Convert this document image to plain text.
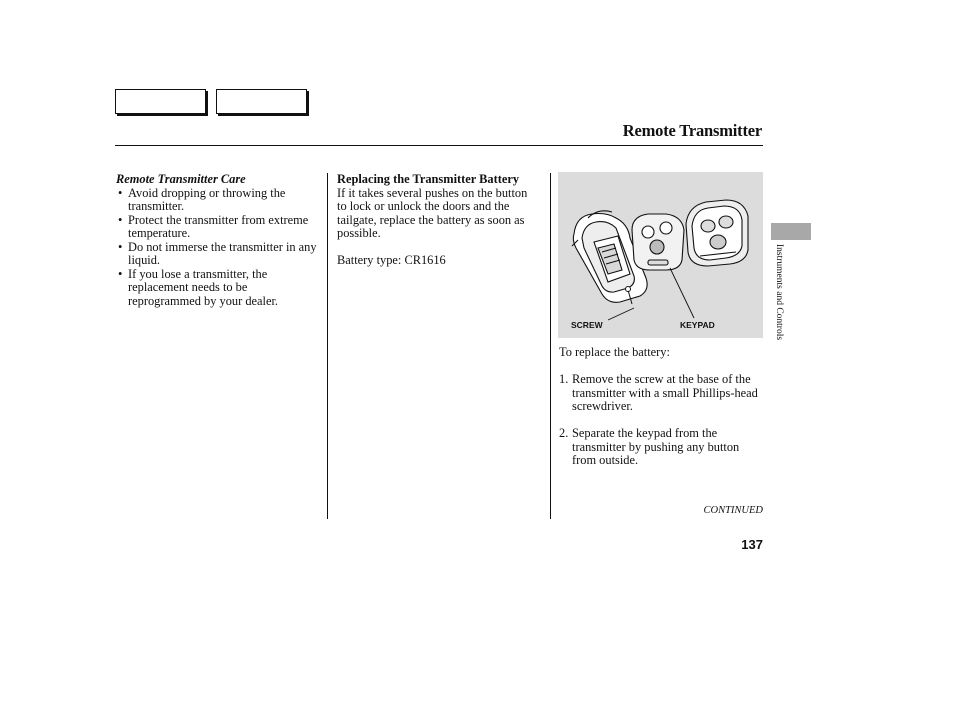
Remote Transmitter

Remote Transmitter Care

• Avoid dropping or throwing the transmitter.
• Protect the transmitter from extreme temperature.
• Do not immerse the transmitter in any liquid.
• If you lose a transmitter, the replacement needs to be reprogrammed by your dealer.

Replacing the Transmitter Battery

If it takes several pushes on the button to lock or unlock the doors and the tailgate, replace the battery as soon as possible.

Battery type: CR1616

SCREW	KEYPAD

To replace the battery:

1. Remove the screw at the base of the transmitter with a small Phillips-head screwdriver.
2. Separate the keypad from the transmitter by pushing any button from outside.
CONTINUED
137
Instruments and Controls
